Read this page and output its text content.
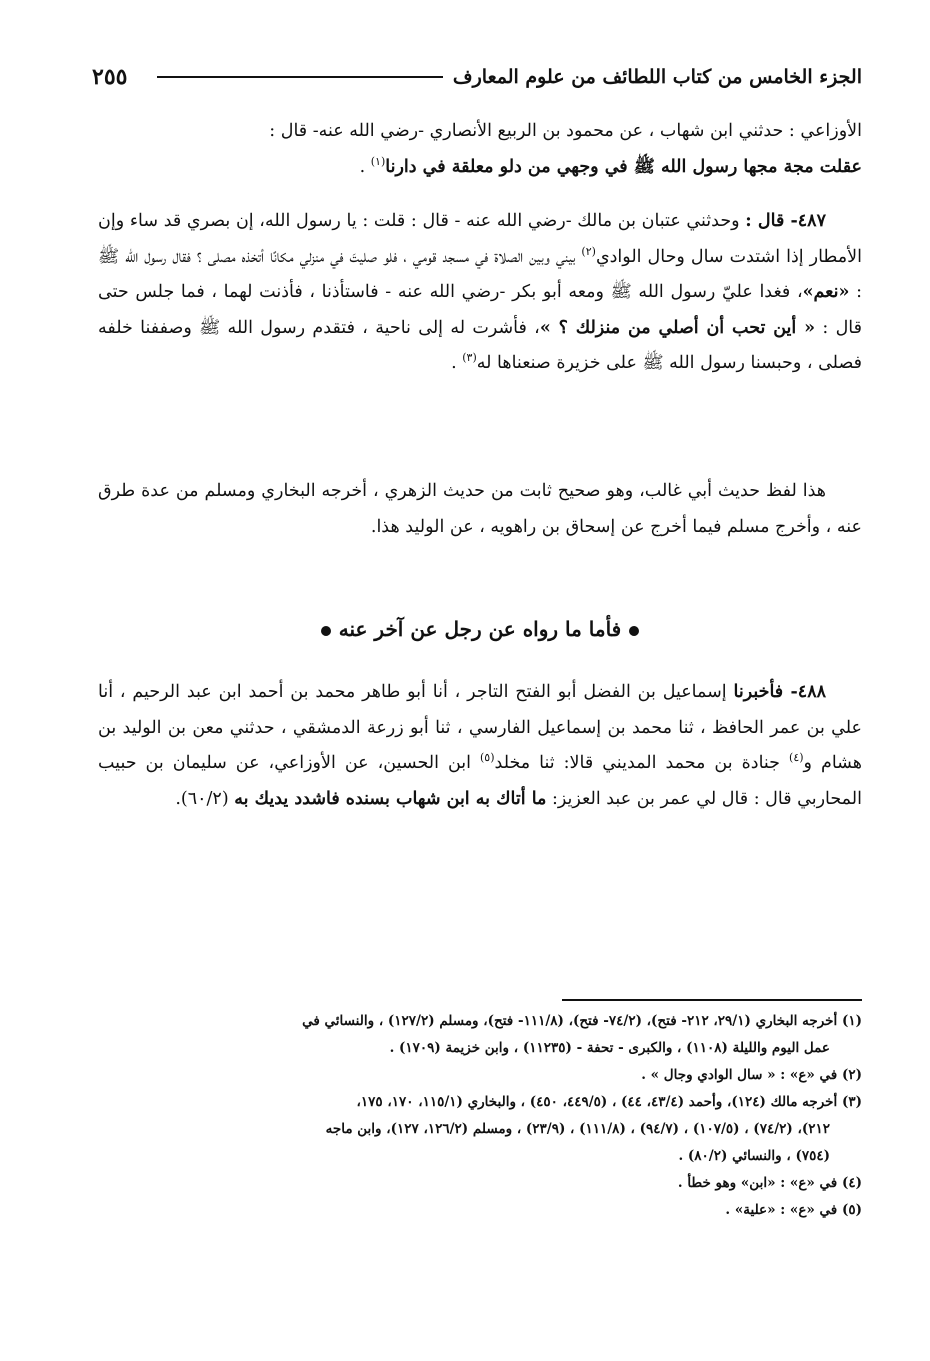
الجزء الخامس من كتاب اللطائف من علوم المعارف
٢٥٥
الأوزاعي : حدثني ابن شهاب ، عن محمود بن الربيع الأنصاري -رضي الله عنه- قال :
عقلت مجة مجها رسول الله ﷺ في وجهي من دلو معلقة في دارنا$^{(١)}$ .
٤٨٧- قال : وحدثني عتبان بن مالك -رضي الله عنه - قال : قلت : يا رسول الله، إن بصري قد ساء وإن الأمطار إذا اشتدت سال وحال الوادي$^{(٢)}$ بيني وبين الصلاة في مسجد قومي ، فلو صليتَ في منزلي مكانًا أتخذه مصلى ؟ فقال رسول الله ﷺ : «نعم»، فغدا عليّ رسول الله ﷺ ومعه أبو بكر -رضي الله عنه - فاستأذنا ، فأذنت لهما ، فما جلس حتى قال : « أين تحب أن أصلي من منزلك ؟ »، فأشرت له إلى ناحية ، فتقدم رسول الله ﷺ وصففنا خلفه فصلى ، وحبسنا رسول الله ﷺ على خزيرة صنعناها له$^{(٣)}$ .
هذا لفظ حديث أبي غالب، وهو صحيح ثابت من حديث الزهري ، أخرجه البخاري ومسلم من عدة طرق عنه ، وأخرج مسلم فيما أخرج عن إسحاق بن راهويه ، عن الوليد هذا.
فأما ما رواه عن رجل عن آخر عنه
٤٨٨- فأخبرنا إسماعيل بن الفضل أبو الفتح التاجر ، أنا أبو طاهر محمد بن أحمد ابن عبد الرحيم ، أنا علي بن عمر الحافظ ، ثنا محمد بن إسماعيل الفارسي ، ثنا أبو زرعة الدمشقي ، حدثني معن بن الوليد بن هشام و$^{(٤)}$ جنادة بن محمد المديني قالا: ثنا مخلد$^{(٥)}$ ابن الحسين، عن الأوزاعي، عن سليمان بن حبيب المحاربي قال : قال لي عمر بن عبد العزيز: ما أتاك به ابن شهاب بسنده فاشدد يديك به (٦٠/٢).
(١) أخرجه البخاري (٢٩/١، ٢١٢- فتح)، (٧٤/٢- فتح)، (١١١/٨- فتح)، ومسلم (١٢٧/٢) ، والنسائي في
عمل اليوم والليلة (١١٠٨) ، والكبرى - تحفة - (١١٢٣٥) ، وابن خزيمة (١٧٠٩) .
(٢) في «ع» : « سال الوادي وجال » .
(٣) أخرجه مالك (١٢٤)، وأحمد (٤٣/٤، ٤٤) ، (٤٤٩/٥، ٤٥٠) ، والبخاري (١١٥/١، ١٧٠، ١٧٥،
٢١٢)، (٧٤/٢) ، (١٠٧/٥) ، (٩٤/٧) ، (١١١/٨) ، (٢٣/٩) ، ومسلم (١٢٦/٢، ١٢٧)، وابن ماجه
(٧٥٤) ، والنسائي (٨٠/٢) .
(٤) في «ع» : «ابن» وهو خطأ .
(٥) في «ع» : «علية» .
